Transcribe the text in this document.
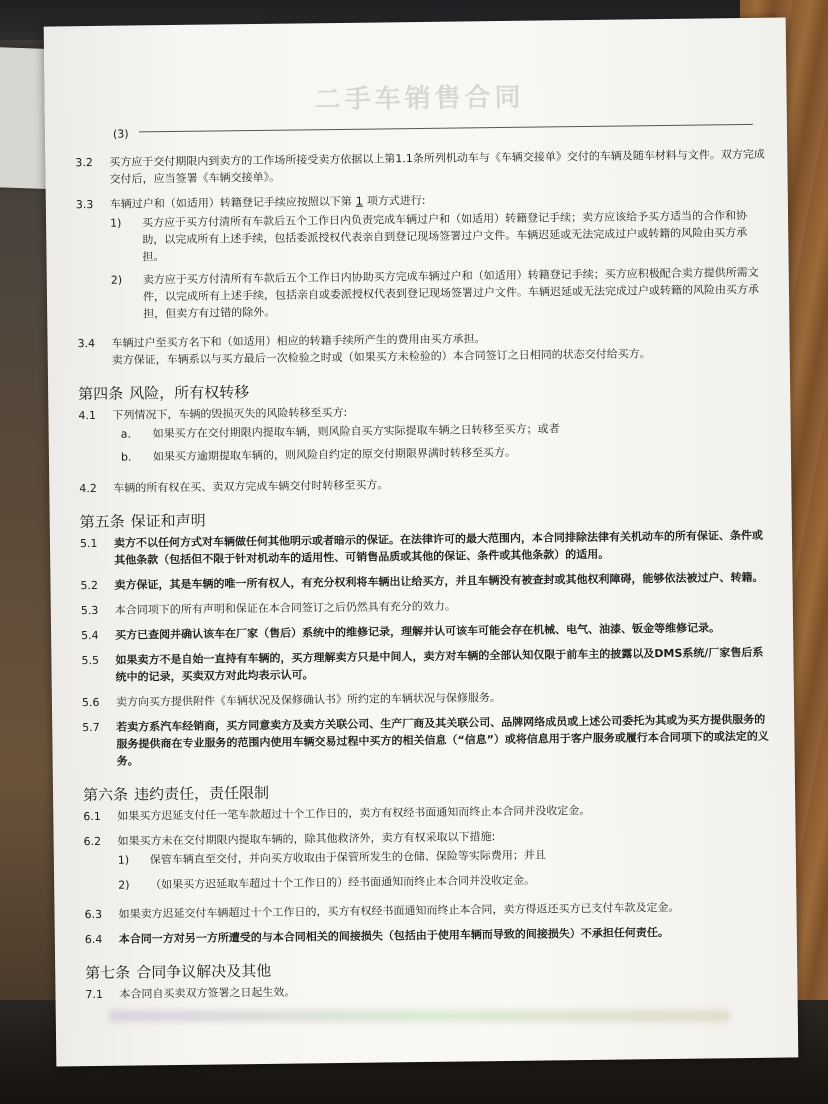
二手车销售合同
(3)
3.2	买方应于交付期限内到卖方的工作场所接受卖方依据以上第1.1条所列机动车与《车辆交接单》交付的车辆及随车材料与文件。双方完成交付后，应当签署《车辆交接单》。
3.3	车辆过户和（如适用）转籍登记手续应按照以下第 1 项方式进行:
1)	买方应于买方付清所有车款后五个工作日内负责完成车辆过户和（如适用）转籍登记手续；卖方应该给予买方适当的合作和协助，以完成所有上述手续，包括委派授权代表亲自到登记现场签署过户文件。车辆迟延或无法完成过户或转籍的风险由买方承担。
2)	卖方应于买方付清所有车款后五个工作日内协助买方完成车辆过户和（如适用）转籍登记手续；买方应积极配合卖方提供所需文件，以完成所有上述手续，包括亲自或委派授权代表到登记现场签署过户文件。车辆迟延或无法完成过户或转籍的风险由买方承担，但卖方有过错的除外。
3.4	车辆过户至买方名下和（如适用）相应的转籍手续所产生的费用由买方承担。
卖方保证，车辆系以与买方最后一次检验之时或（如果买方未检验的）本合同签订之日相同的状态交付给买方。
第四条 风险，所有权转移
4.1	下列情况下，车辆的毁损灭失的风险转移至买方:
a.	如果买方在交付期限内提取车辆，则风险自买方实际提取车辆之日转移至买方；或者
b.	如果买方逾期提取车辆的，则风险自约定的原交付期限界满时转移至买方。
4.2	车辆的所有权在买、卖双方完成车辆交付时转移至买方。
第五条 保证和声明
5.1	卖方不以任何方式对车辆做任何其他明示或者暗示的保证。在法律许可的最大范围内，本合同排除法律有关机动车的所有保证、条件或其他条款（包括但不限于针对机动车的适用性、可销售品质或其他的保证、条件或其他条款）的适用。
5.2	卖方保证，其是车辆的唯一所有权人，有充分权利将车辆出让给买方，并且车辆没有被查封或其他权利障碍，能够依法被过户、转籍。
5.3	本合同项下的所有声明和保证在本合同签订之后仍然具有充分的效力。
5.4	买方已查阅并确认该车在厂家（售后）系统中的维修记录，理解并认可该车可能会存在机械、电气、油漆、钣金等维修记录。
5.5	如果卖方不是自始一直持有车辆的，买方理解卖方只是中间人，卖方对车辆的全部认知仅限于前车主的披露以及DMS系统/厂家售后系统中的记录，买卖双方对此均表示认可。
5.6	卖方向买方提供附件《车辆状况及保修确认书》所约定的车辆状况与保修服务。
5.7	若卖方系汽车经销商，买方同意卖方及卖方关联公司、生产厂商及其关联公司、品牌网络成员或上述公司委托为其或为买方提供服务的服务提供商在专业服务的范围内使用车辆交易过程中买方的相关信息（“信息”）或将信息用于客户服务或履行本合同项下的或法定的义务。
第六条 违约责任，责任限制
6.1	如果买方迟延支付任一笔车款超过十个工作日的，卖方有权经书面通知而终止本合同并没收定金。
6.2	如果买方未在交付期限内提取车辆的，除其他救济外，卖方有权采取以下措施:
1)	保管车辆直至交付，并向买方收取由于保管所发生的仓储、保险等实际费用；并且
2)	（如果买方迟延取车超过十个工作日的）经书面通知而终止本合同并没收定金。
6.3	如果卖方迟延交付车辆超过十个工作日的，买方有权经书面通知而终止本合同，卖方得返还买方已支付车款及定金。
6.4	本合同一方对另一方所遭受的与本合同相关的间接损失（包括由于使用车辆而导致的间接损失）不承担任何责任。
第七条 合同争议解决及其他
7.1	本合同自买卖双方签署之日起生效。
